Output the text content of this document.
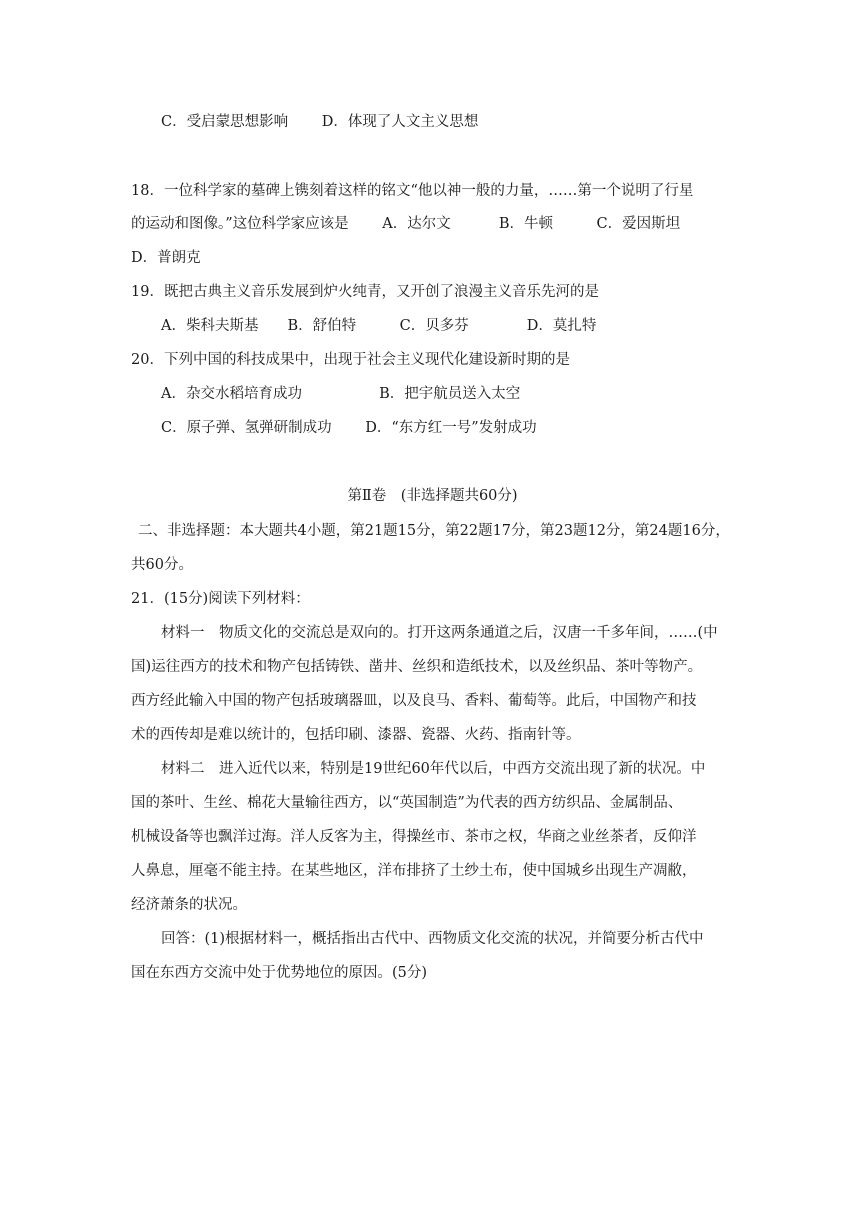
C．受启蒙思想影响　　 D．体现了人文主义思想
18．一位科学家的墓碑上镌刻着这样的铭文“他以神一般的力量，……第一个说明了行星
的运动和图像。”这位科学家应该是　　 A．达尔文　　　 B．牛顿　　　C．爱因斯坦
D．普朗克
19．既把古典主义音乐发展到炉火纯青，又开创了浪漫主义音乐先河的是
A．柴科夫斯基　　B．舒伯特　　　C．贝多芬　　　　D．莫扎特
20．下列中国的科技成果中，出现于社会主义现代化建设新时期的是
A．杂交水稻培育成功　　　　　 B．把宇航员送入太空
C．原子弹、氢弹研制成功　　 D．“东方红一号”发射成功
第Ⅱ卷　(非选择题共60分)
二、非选择题：本大题共4小题，第21题15分，第22题17分，第23题12分，第24题16分，
共60分。
21．(15分)阅读下列材料：
材料一　物质文化的交流总是双向的。打开这两条通道之后，汉唐一千多年间，……(中
国)运往西方的技术和物产包括铸铁、凿井、丝织和造纸技术，以及丝织品、茶叶等物产。
西方经此输入中国的物产包括玻璃器皿，以及良马、香料、葡萄等。此后，中国物产和技
术的西传却是难以统计的，包括印刷、漆器、瓷器、火药、指南针等。
材料二　进入近代以来，特别是19世纪60年代以后，中西方交流出现了新的状况。中
国的茶叶、生丝、棉花大量输往西方，以“英国制造”为代表的西方纺织品、金属制品、
机械设备等也飘洋过海。洋人反客为主，得操丝市、茶市之权，华商之业丝茶者，反仰洋
人鼻息，厘毫不能主持。在某些地区，洋布排挤了土纱土布，使中国城乡出现生产凋敝，
经济萧条的状况。
回答：(1)根据材料一，概括指出古代中、西物质文化交流的状况，并简要分析古代中
国在东西方交流中处于优势地位的原因。(5分)
